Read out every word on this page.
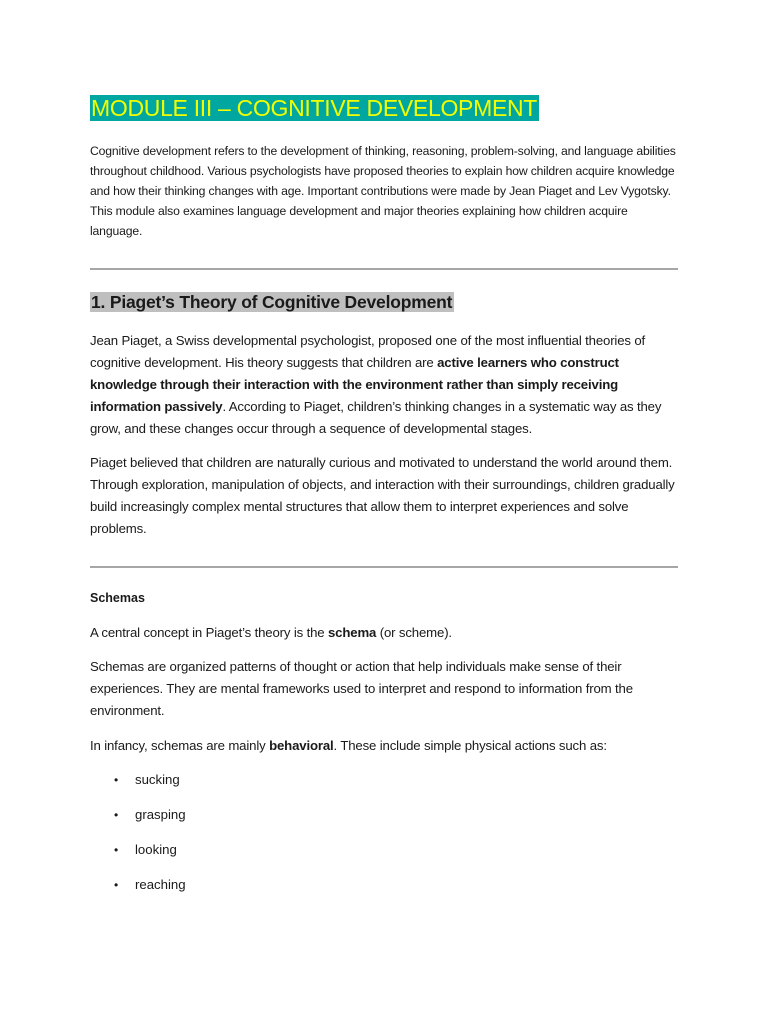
MODULE III – COGNITIVE DEVELOPMENT

Cognitive development refers to the development of thinking, reasoning, problem-solving, and language abilities throughout childhood. Various psychologists have proposed theories to explain how children acquire knowledge and how their thinking changes with age. Important contributions were made by Jean Piaget and Lev Vygotsky. This module also examines language development and major theories explaining how children acquire language.

1. Piaget’s Theory of Cognitive Development

Jean Piaget, a Swiss developmental psychologist, proposed one of the most influential theories of cognitive development. His theory suggests that children are active learners who construct knowledge through their interaction with the environment rather than simply receiving information passively. According to Piaget, children’s thinking changes in a systematic way as they grow, and these changes occur through a sequence of developmental stages.

Piaget believed that children are naturally curious and motivated to understand the world around them. Through exploration, manipulation of objects, and interaction with their surroundings, children gradually build increasingly complex mental structures that allow them to interpret experiences and solve problems.

Schemas

A central concept in Piaget’s theory is the schema (or scheme).

Schemas are organized patterns of thought or action that help individuals make sense of their experiences. They are mental frameworks used to interpret and respond to information from the environment.

In infancy, schemas are mainly behavioral. These include simple physical actions such as:

• sucking
• grasping
• looking
• reaching
